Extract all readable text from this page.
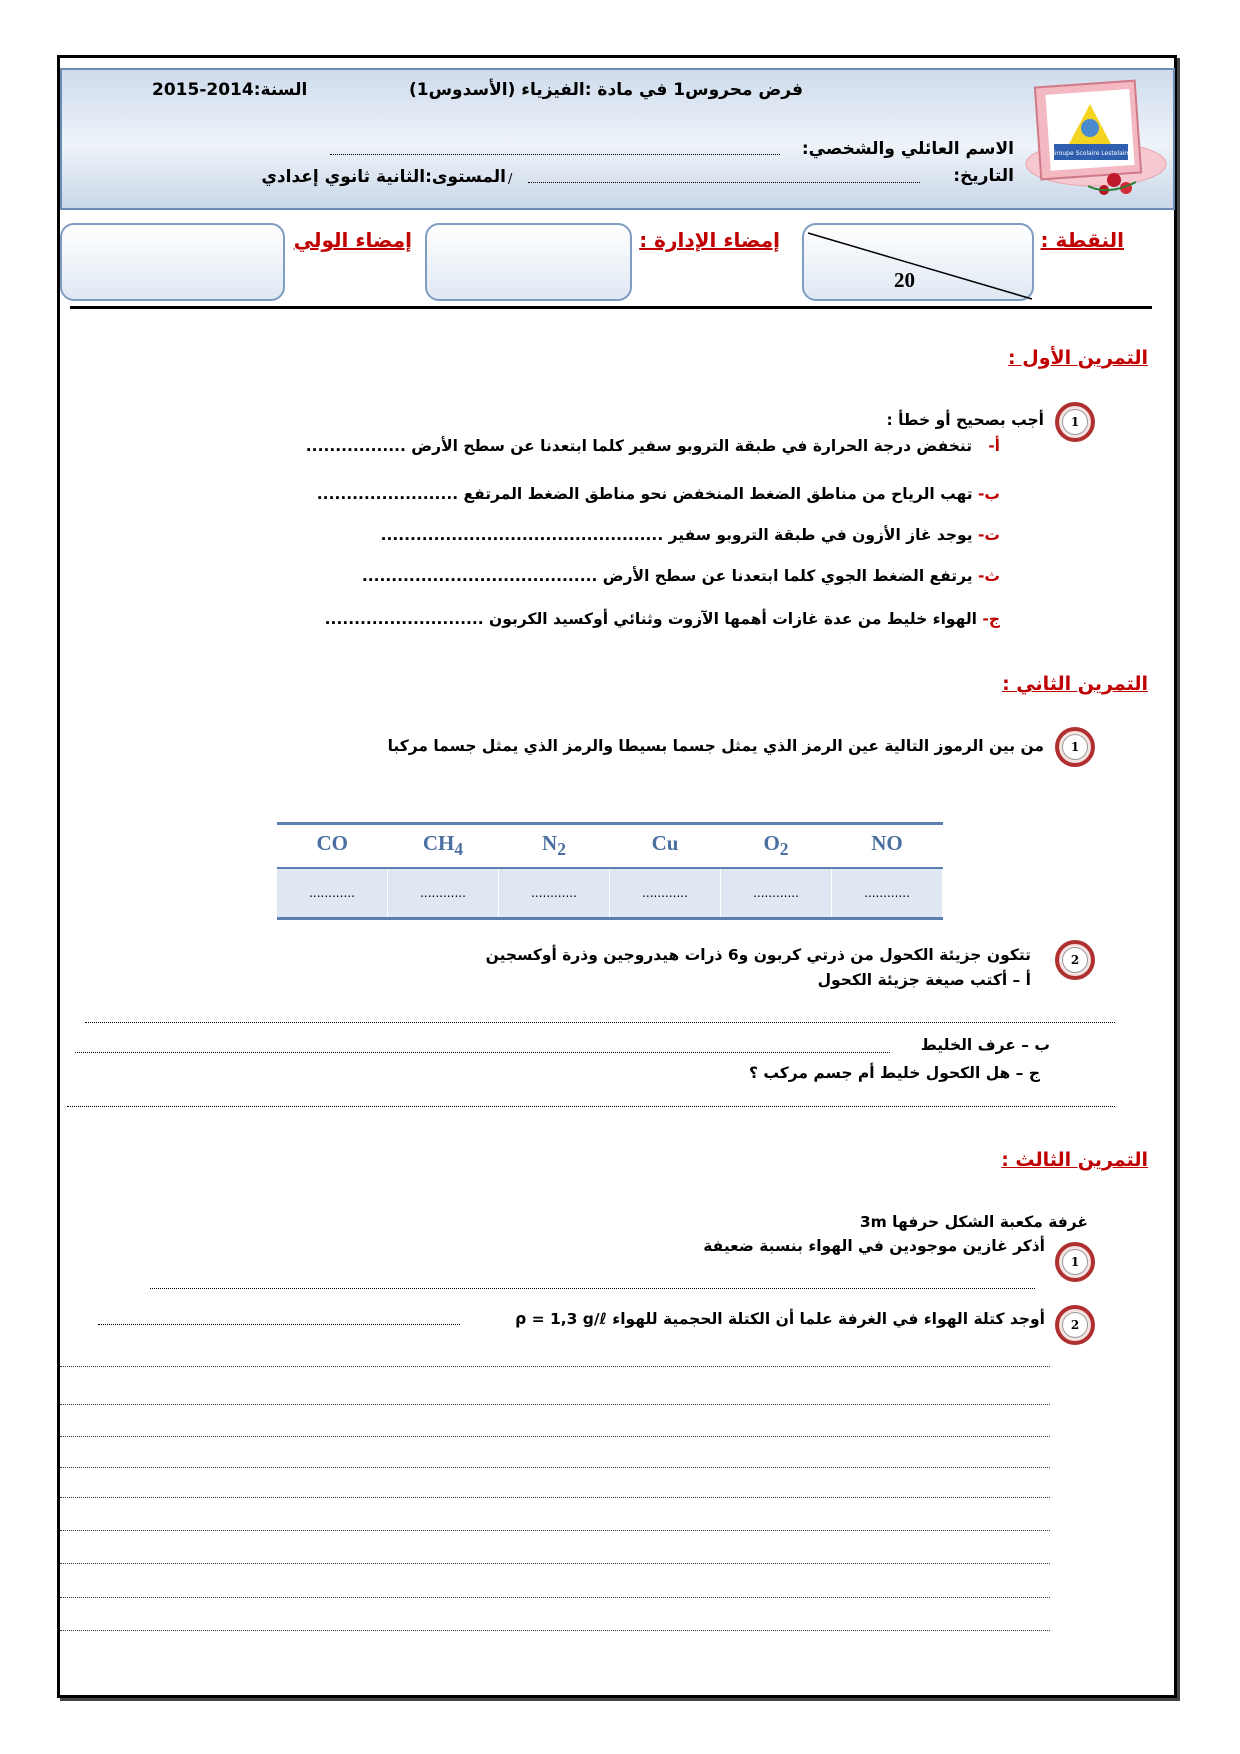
Groupe Scolaire Lestelaim
فرض محروس1 في مادة :الفيزياء (الأسدوس1)
السنة:2014-2015
الاسم العائلي والشخصي:
التاريخ:
/
المستوى:الثانية ثانوي إعدادي
النقطة :
20
إمضاء الإدارة :
إمضاء الولي
التمرين الأول :
1
أجب بصحيح أو خطأ :
أ-   تنخفض درجة الحرارة في طبقة التروبو سفير كلما ابتعدنا عن سطح الأرض .................
ب- تهب الرياح من مناطق الضغط المنخفض نحو مناطق الضغط المرتفع ........................
ت- يوجد غاز الأزون في طبقة التروبو سفير ................................................
ث- يرتفع الضغط الجوي كلما ابتعدنا عن سطح الأرض ........................................
ج- الهواء خليط من عدة غازات أهمها الآزوت وثنائي أوكسيد الكربون ...........................
التمرين الثاني :
1
من بين الرموز التالية عين الرمز الذي يمثل جسما بسيطا والرمز الذي يمثل جسما مركبا
CO	$CH_4$	$N_2$	Cu	$O_2$	NO
............	............	............	............	............	............
2
تتكون جزيئة الكحول من ذرتي كربون و6 ذرات هيدروجين وذرة أوكسجين
أ – أكتب صيغة جزيئة الكحول
ب – عرف الخليط
ج – هل الكحول خليط أم جسم مركب ؟
التمرين الثالث :
غرفة مكعبة الشكل حرفها 3m
1
أذكر غازين موجودين في الهواء بنسبة ضعيفة
2
أوجد كتلة الهواء في الغرفة علما أن الكتلة الحجمية للهواء ρ = 1,3 g/ℓ
